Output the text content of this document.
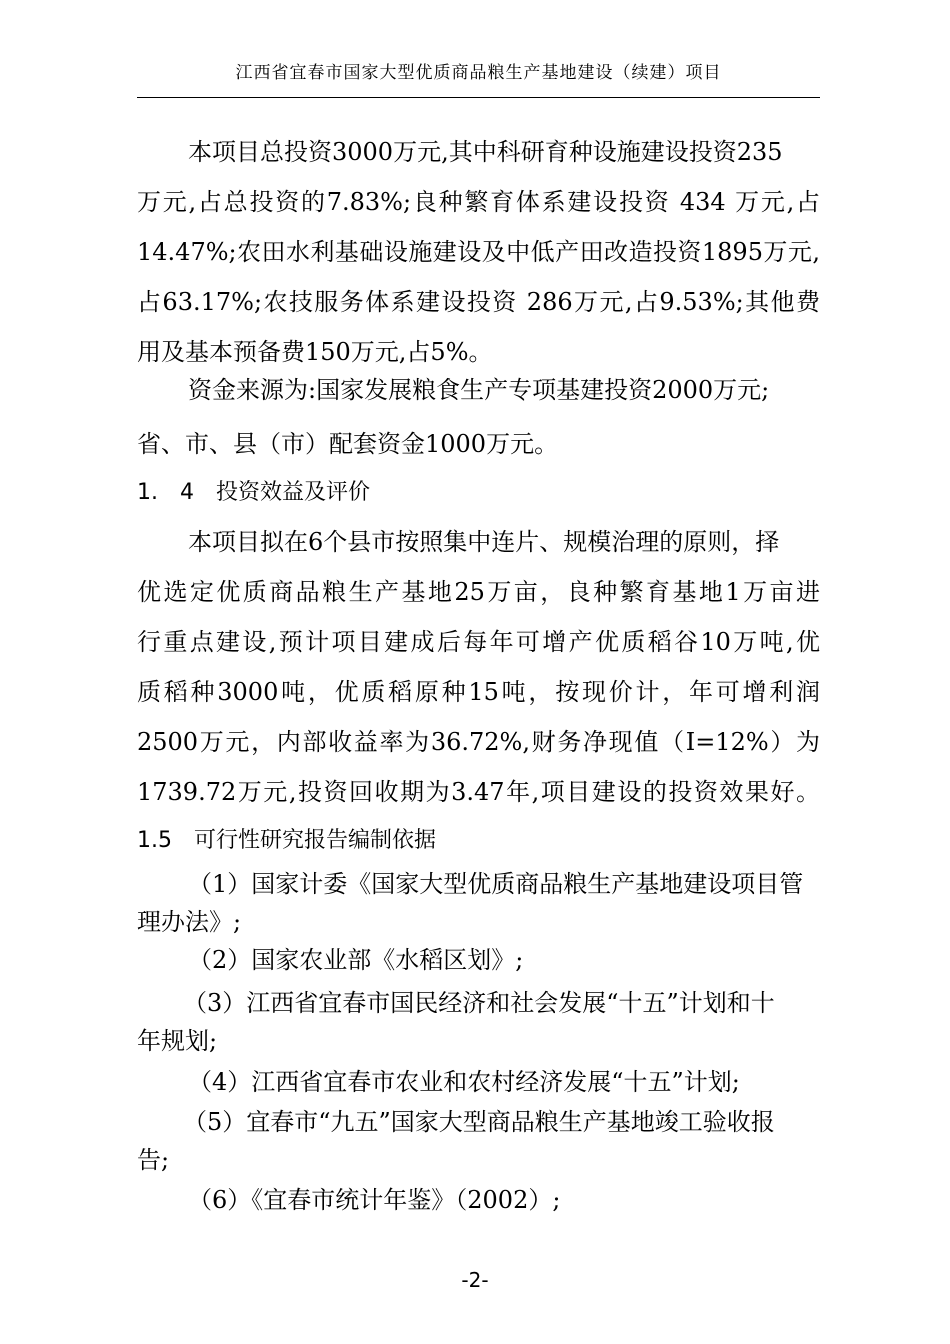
江西省宜春市国家大型优质商品粮生产基地建设（续建）项目
本项目总投资3000万元,其中科研育种设施建设投资235
万元,占总投资的7.83%;良种繁育体系建设投资 434 万元,占
14.47%;农田水利基础设施建设及中低产田改造投资1895万元,
占63.17%;农技服务体系建设投资 286万元,占9.53%;其他费
用及基本预备费150万元,占5%。
资金来源为:国家发展粮食生产专项基建投资2000万元;
省、市、县（市）配套资金1000万元。
1.　4　投资效益及评价
本项目拟在6个县市按照集中连片、规模治理的原则，择
优选定优质商品粮生产基地25万亩，良种繁育基地1万亩进
行重点建设,预计项目建成后每年可增产优质稻谷10万吨,优
质稻种3000吨，优质稻原种15吨，按现价计，年可增利润
2500万元，内部收益率为36.72%,财务净现值（I=12%）为
1739.72万元,投资回收期为3.47年,项目建设的投资效果好。
1.5　可行性研究报告编制依据
（1）国家计委《国家大型优质商品粮生产基地建设项目管
理办法》;
（2）国家农业部《水稻区划》;
（3）江西省宜春市国民经济和社会发展“十五”计划和十
年规划;
（4）江西省宜春市农业和农村经济发展“十五”计划;
（5）宜春市“九五”国家大型商品粮生产基地竣工验收报
告;
（6）《宜春市统计年鉴》（2002）;
-2-
